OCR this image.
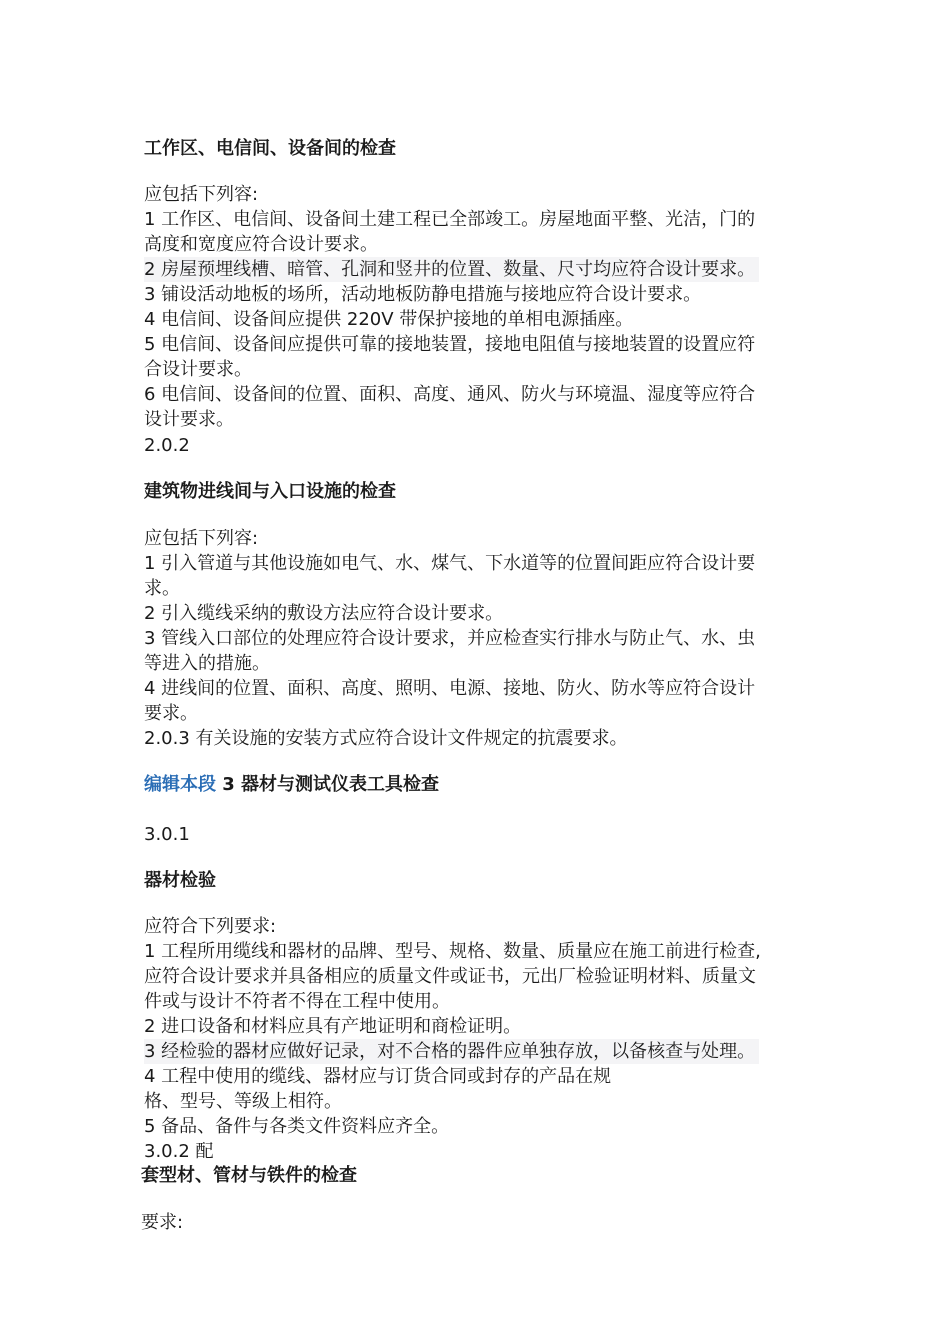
工作区、电信间、设备间的检查
应包括下列容:
1 工作区、电信间、设备间土建工程已全部竣工。房屋地面平整、光洁，门的
高度和宽度应符合设计要求。
2 房屋预埋线槽、暗管、孔洞和竖井的位置、数量、尺寸均应符合设计要求。
3 铺设活动地板的场所，活动地板防静电措施与接地应符合设计要求。
4 电信间、设备间应提供 220V 带保护接地的单相电源插座。
5 电信间、设备间应提供可靠的接地装置，接地电阻值与接地装置的设置应符
合设计要求。
6 电信间、设备间的位置、面积、高度、通风、防火与环境温、湿度等应符合
设计要求。
2.0.2
建筑物进线间与入口设施的检查
应包括下列容:
1 引入管道与其他设施如电气、水、煤气、下水道等的位置间距应符合设计要
求。
2 引入缆线采纳的敷设方法应符合设计要求。
3 管线入口部位的处理应符合设计要求，并应检查实行排水与防止气、水、虫
等进入的措施。
4 进线间的位置、面积、高度、照明、电源、接地、防火、防水等应符合设计
要求。
2.0.3 有关设施的安装方式应符合设计文件规定的抗震要求。
编辑本段 3 器材与测试仪表工具检查
3.0.1
器材检验
应符合下列要求:
1 工程所用缆线和器材的品牌、型号、规格、数量、质量应在施工前进行检查,
应符合设计要求并具备相应的质量文件或证书，元出厂检验证明材料、质量文
件或与设计不符者不得在工程中使用。
2 进口设备和材料应具有产地证明和商检证明。
3 经检验的器材应做好记录，对不合格的器件应单独存放，以备核查与处理。
4 工程中使用的缆线、器材应与订货合同或封存的产品在规
格、型号、等级上相符。
5 备品、备件与各类文件资料应齐全。
3.0.2 配
套型材、管材与铁件的检查
要求:
